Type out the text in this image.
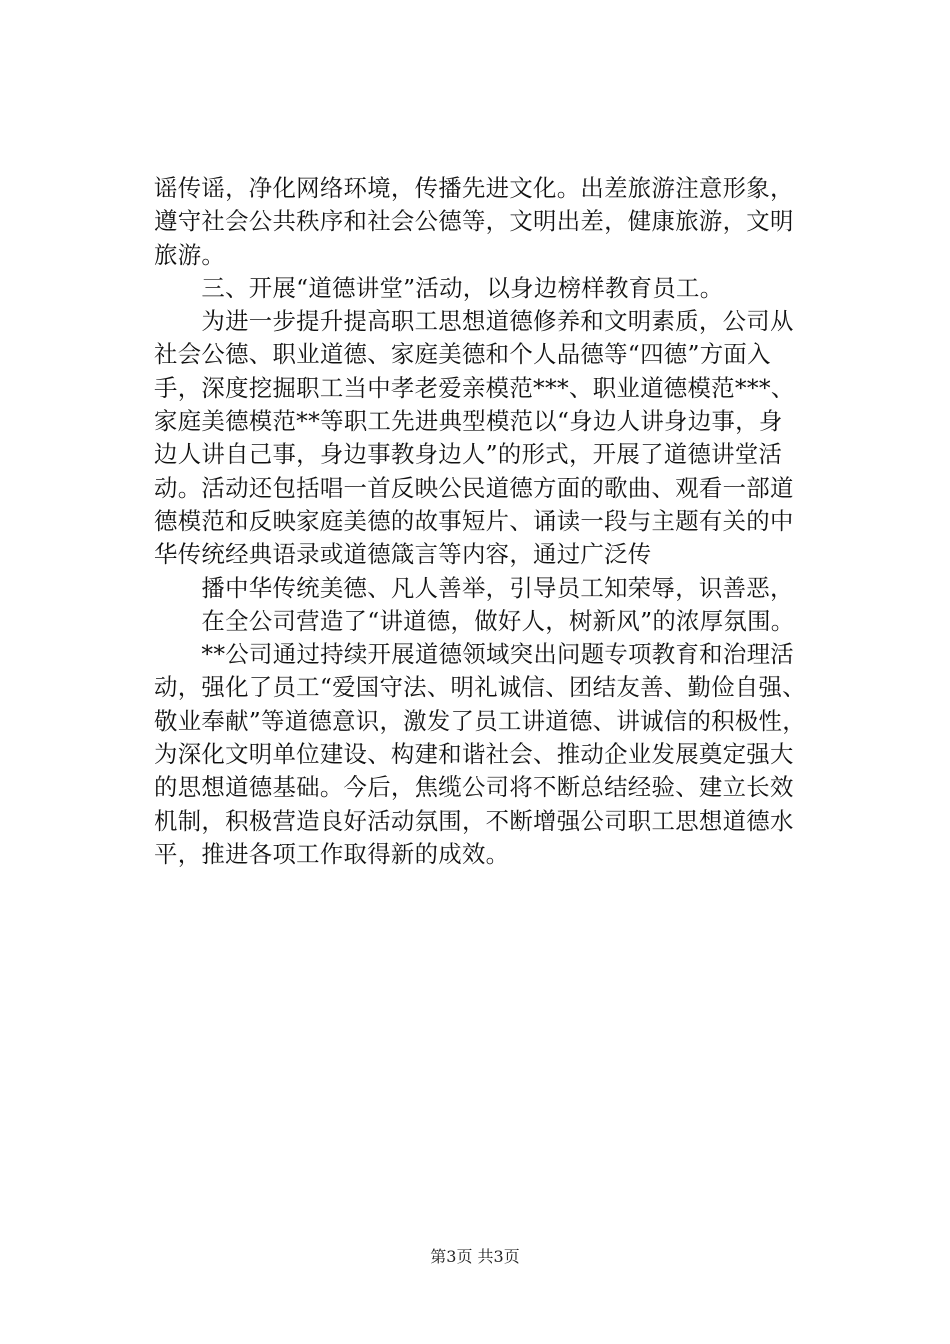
谣传谣，净化网络环境，传播先进文化。出差旅游注意形象，
遵守社会公共秩序和社会公德等，文明出差，健康旅游，文明
旅游。
　　三、开展“道德讲堂”活动，以身边榜样教育员工。
　　为进一步提升提高职工思想道德修养和文明素质，公司从
社会公德、职业道德、家庭美德和个人品德等“四德”方面入
手，深度挖掘职工当中孝老爱亲模范***、职业道德模范***、
家庭美德模范**等职工先进典型模范以“身边人讲身边事，身
边人讲自己事，身边事教身边人”的形式，开展了道德讲堂活
动。活动还包括唱一首反映公民道德方面的歌曲、观看一部道
德模范和反映家庭美德的故事短片、诵读一段与主题有关的中
华传统经典语录或道德箴言等内容，通过广泛传
　　播中华传统美德、凡人善举，引导员工知荣辱，识善恶，
　　在全公司营造了“讲道德，做好人，树新风”的浓厚氛围。
　　**公司通过持续开展道德领域突出问题专项教育和治理活
动，强化了员工“爱国守法、明礼诚信、团结友善、勤俭自强、
敬业奉献”等道德意识，激发了员工讲道德、讲诚信的积极性，
为深化文明单位建设、构建和谐社会、推动企业发展奠定强大
的思想道德基础。今后，焦缆公司将不断总结经验、建立长效
机制，积极营造良好活动氛围，不断增强公司职工思想道德水
平，推进各项工作取得新的成效。
第3页 共3页
